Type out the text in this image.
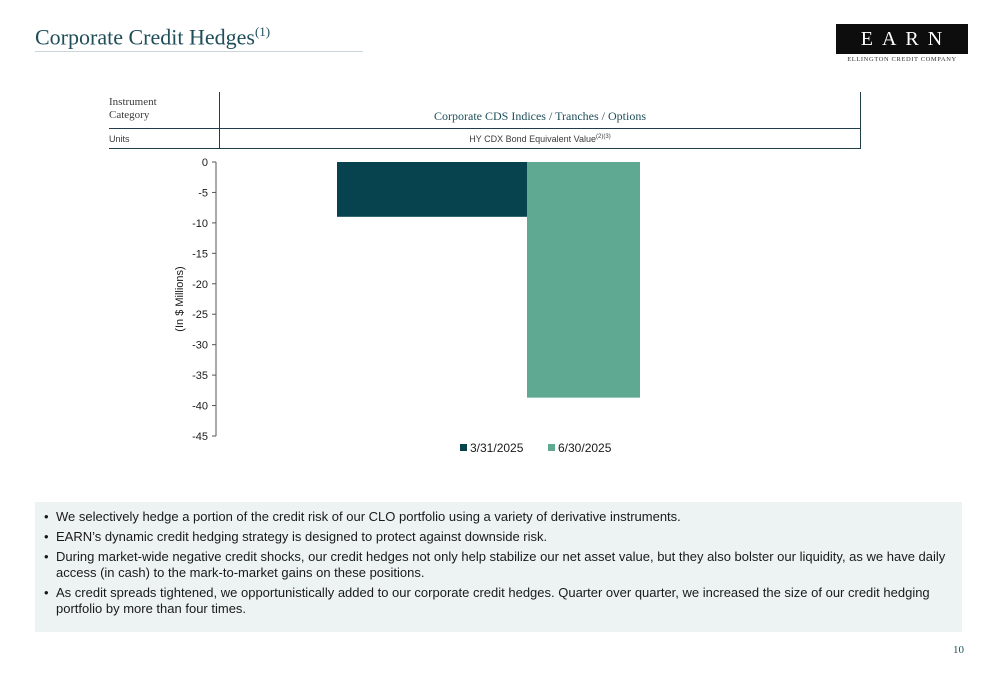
Corporate Credit Hedges$^{(1)}$	EARN
ELLINGTON CREDIT COMPANY
Instrument
Category	Corporate CDS Indices / Tranches / Options
Units	HY CDX Bond Equivalent Value$^{(2)(3)}$
0
-5
-10
-15
-20
-25
-30
-35
-40
-45
(In $ Millions)
3/31/2025	6/30/2025
• We selectively hedge a portion of the credit risk of our CLO portfolio using a variety of derivative instruments.
• EARN’s dynamic credit hedging strategy is designed to protect against downside risk.
• During market-wide negative credit shocks, our credit hedges not only help stabilize our net asset value, but they also bolster our liquidity, as we have daily access (in cash) to the mark-to-market gains on these positions.
• As credit spreads tightened, we opportunistically added to our corporate credit hedges. Quarter over quarter, we increased the size of our credit hedging portfolio by more than four times.
10
